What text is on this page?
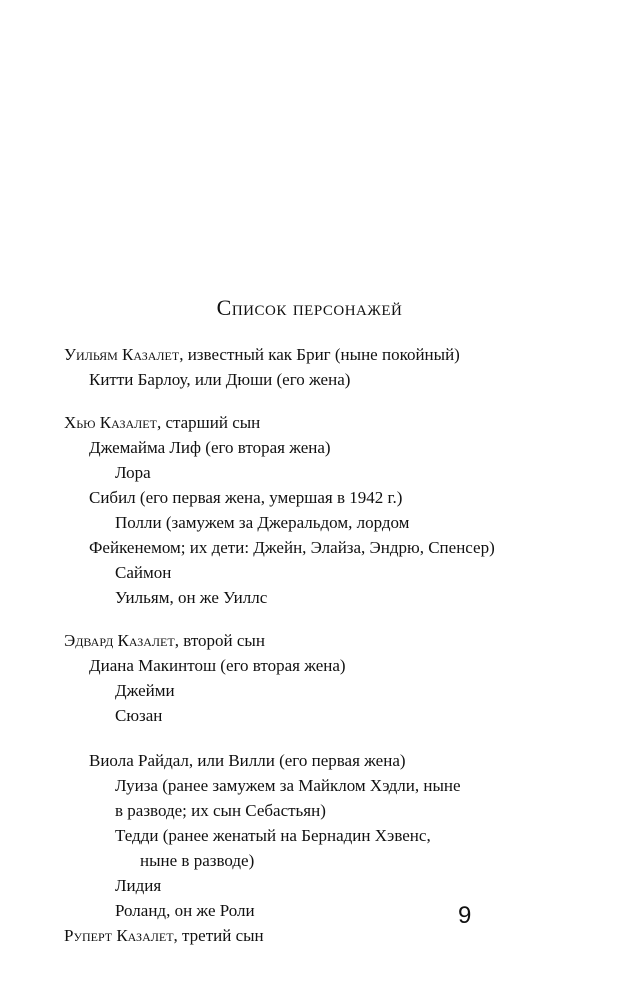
Список персонажей
Уильям Казалет, известный как Бриг (ныне покойный)
Китти Барлоу, или Дюши (его жена)
Хью Казалет, старший сын
Джемайма Лиф (его вторая жена)
Лора
Сибил (его первая жена, умершая в 1942 г.)
Полли (замужем за Джеральдом, лордом
Фейкенемом; их дети: Джейн, Элайза, Эндрю, Спенсер)
Саймон
Уильям, он же Уиллс
Эдвард Казалет, второй сын
Диана Макинтош (его вторая жена)
Джейми
Сюзан
Виола Райдал, или Вилли (его первая жена)
Луиза (ранее замужем за Майклом Хэдли, ныне
в разводе; их сын Себастьян)
Тедди (ранее женатый на Бернадин Хэвенс,
ныне в разводе)
Лидия
Роланд, он же Роли
Руперт Казалет, третий сын
9
